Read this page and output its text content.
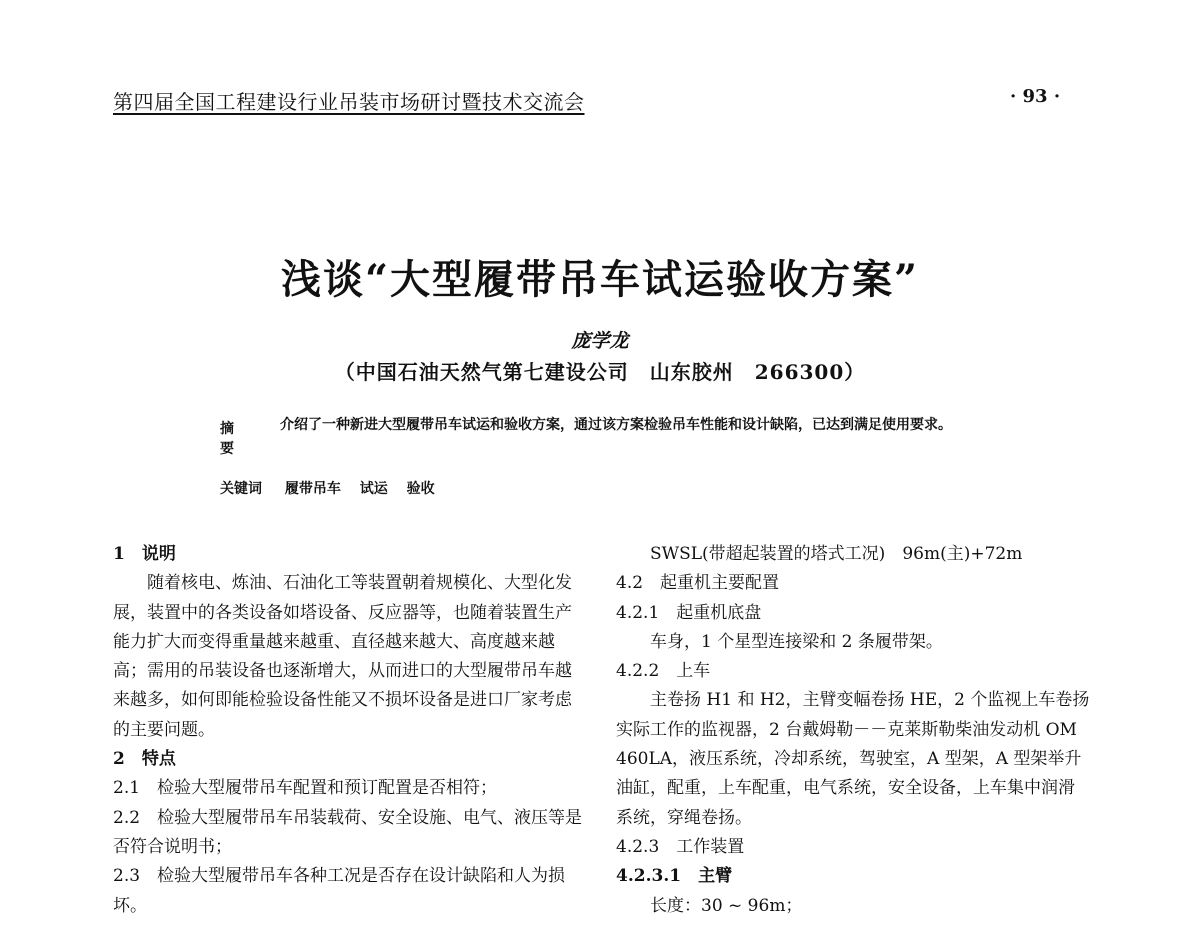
第四届全国工程建设行业吊装市场研讨暨技术交流会	· 93 ·
浅谈“大型履带吊车试运验收方案”
庞学龙
（中国石油天然气第七建设公司　山东胶州　266300）
摘 要介绍了一种新进大型履带吊车试运和验收方案，通过该方案检验吊车性能和设计缺陷，已达到满足使用要求。
关键词 履带吊车 试运 验收

1　说明

随着核电、炼油、石油化工等装置朝着规模化、大型化发展，装置中的各类设备如塔设备、反应器等，也随着装置生产能力扩大而变得重量越来越重、直径越来越大、高度越来越高；需用的吊装设备也逐渐增大，从而进口的大型履带吊车越来越多，如何即能检验设备性能又不损坏设备是进口厂家考虑的主要问题。

2　特点

2.1　检验大型履带吊车配置和预订配置是否相符；

2.2　检验大型履带吊车吊装载荷、安全设施、电气、液压等是否符合说明书；

2.3　检验大型履带吊车各种工况是否存在设计缺陷和人为损坏。

SWSL(带超起装置的塔式工况)　96m(主)+72m

4.2　起重机主要配置

4.2.1　起重机底盘

车身，1 个星型连接梁和 2 条履带架。

4.2.2　上车

主卷扬 H1 和 H2，主臂变幅卷扬 HE，2 个监视上车卷扬实际工作的监视器，2 台戴姆勒－－克莱斯勒柴油发动机 OM 460LA，液压系统，冷却系统，驾驶室，A 型架，A 型架举升油缸，配重，上车配重，电气系统，安全设备，上车集中润滑系统，穿绳卷扬。

4.2.3　工作装置

4.2.3.1　主臂

长度：30 ~ 96m；
